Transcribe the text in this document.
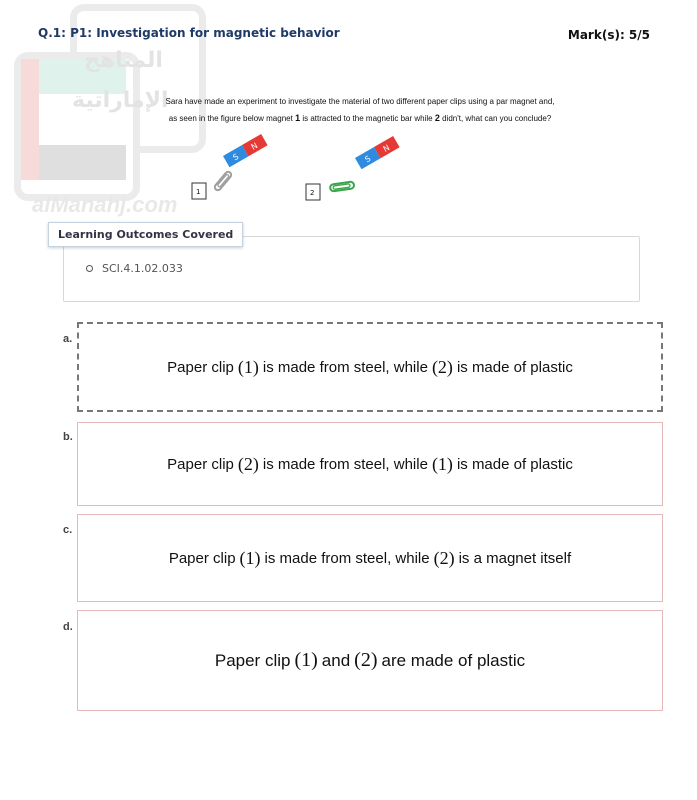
المناهج
الإماراتية
alManahj.com
Q.1: P1: Investigation for magnetic behavior	Mark(s): 5/5
Sara have made an experiment to investigate the material of two different paper clips using a par magnet and,
as seen in the figure below magnet 1 is attracted to the magnetic bar while 2 didn't, what can you conclude?
S
N
1
S
N
2
Learning Outcomes Covered
SCI.4.1.02.033
a.
Paper clip (1) is made from steel, while (2) is made of plastic
b.
Paper clip (2) is made from steel, while (1) is made of plastic
c.
Paper clip (1) is made from steel, while (2) is a magnet itself
d.
Paper clip (1) and (2) are made of plastic
